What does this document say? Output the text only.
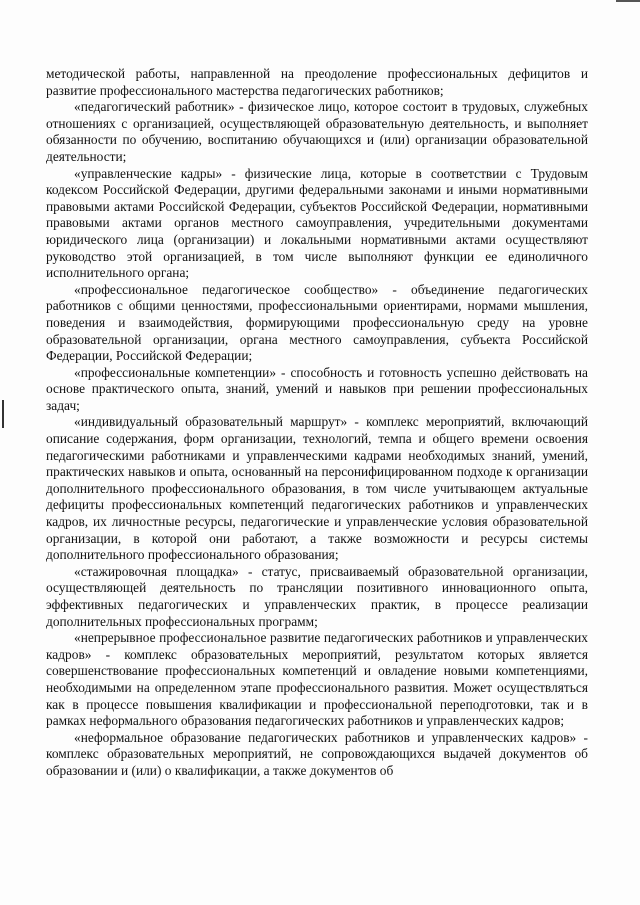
методической работы, направленной на преодоление профессиональных дефицитов и развитие профессионального мастерства педагогических работников;

«педагогический работник» - физическое лицо, которое состоит в трудовых, служебных отношениях с организацией, осуществляющей образовательную деятельность, и выполняет обязанности по обучению, воспитанию обучающихся и (или) организации образовательной деятельности;

«управленческие кадры» - физические лица, которые в соответствии с Трудовым кодексом Российской Федерации, другими федеральными законами и иными нормативными правовыми актами Российской Федерации, субъектов Российской Федерации, нормативными правовыми актами органов местного самоуправления, учредительными документами юридического лица (организации) и локальными нормативными актами осуществляют руководство этой организацией, в том числе выполняют функции ее единоличного исполнительного органа;

«профессиональное педагогическое сообщество» - объединение педагогических работников с общими ценностями, профессиональными ориентирами, нормами мышления, поведения и взаимодействия, формирующими профессиональную среду на уровне образовательной организации, органа местного самоуправления, субъекта Российской Федерации, Российской Федерации;

«профессиональные компетенции» - способность и готовность успешно действовать на основе практического опыта, знаний, умений и навыков при решении профессиональных задач;

«индивидуальный образовательный маршрут» - комплекс мероприятий, включающий описание содержания, форм организации, технологий, темпа и общего времени освоения педагогическими работниками и управленческими кадрами необходимых знаний, умений, практических навыков и опыта, основанный на персонифицированном подходе к организации дополнительного профессионального образования, в том числе учитывающем актуальные дефициты профессиональных компетенций педагогических работников и управленческих кадров, их личностные ресурсы, педагогические и управленческие условия образовательной организации, в которой они работают, а также возможности и ресурсы системы дополнительного профессионального образования;

«стажировочная площадка» - статус, присваиваемый образовательной организации, осуществляющей деятельность по трансляции позитивного инновационного опыта, эффективных педагогических и управленческих практик, в процессе реализации дополнительных профессиональных программ;

«непрерывное профессиональное развитие педагогических работников и управленческих кадров» - комплекс образовательных мероприятий, результатом которых является совершенствование профессиональных компетенций и овладение новыми компетенциями, необходимыми на определенном этапе профессионального развития. Может осуществляться как в процессе повышения квалификации и профессиональной переподготовки, так и в рамках неформального образования педагогических работников и управленческих кадров;

«неформальное образование педагогических работников и управленческих кадров» - комплекс образовательных мероприятий, не сопровождающихся выдачей документов об образовании и (или) о квалификации, а также документов об
